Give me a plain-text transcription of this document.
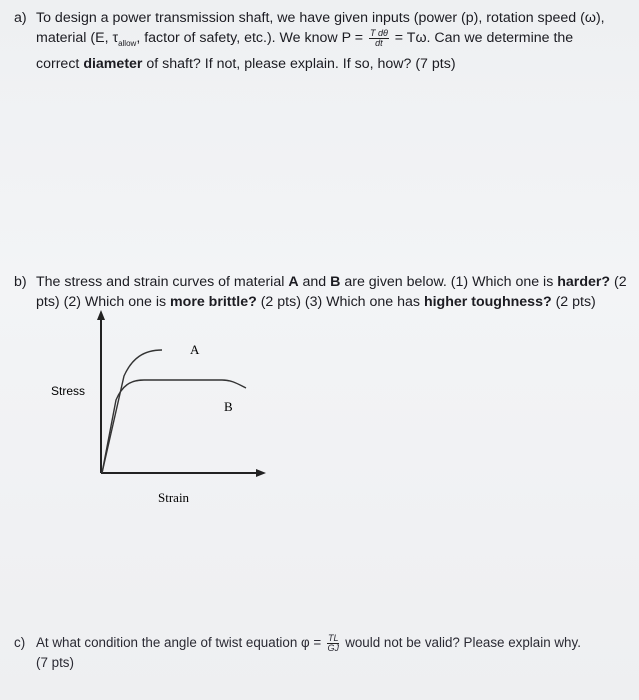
a) To design a power transmission shaft, we have given inputs (power (p), rotation speed (ω),
material (E, $\tau_{allow}$, factor of safety, etc.). We know $P = \frac{\text{T dθ}}{dt} = T\omega$. Can we determine the
correct diameter of shaft? If not, please explain. If so, how? (7 pts)
b) The stress and strain curves of material A and B are given below. (1) Which one is harder? (2
pts) (2) Which one is more brittle? (2 pts) (3) Which one has higher toughness? (2 pts)
A
B
Stress
Strain
c) At what condition the angle of twist equation $\varphi = \frac{TL}{GJ}$ would not be valid? Please explain why.
(7 pts)
